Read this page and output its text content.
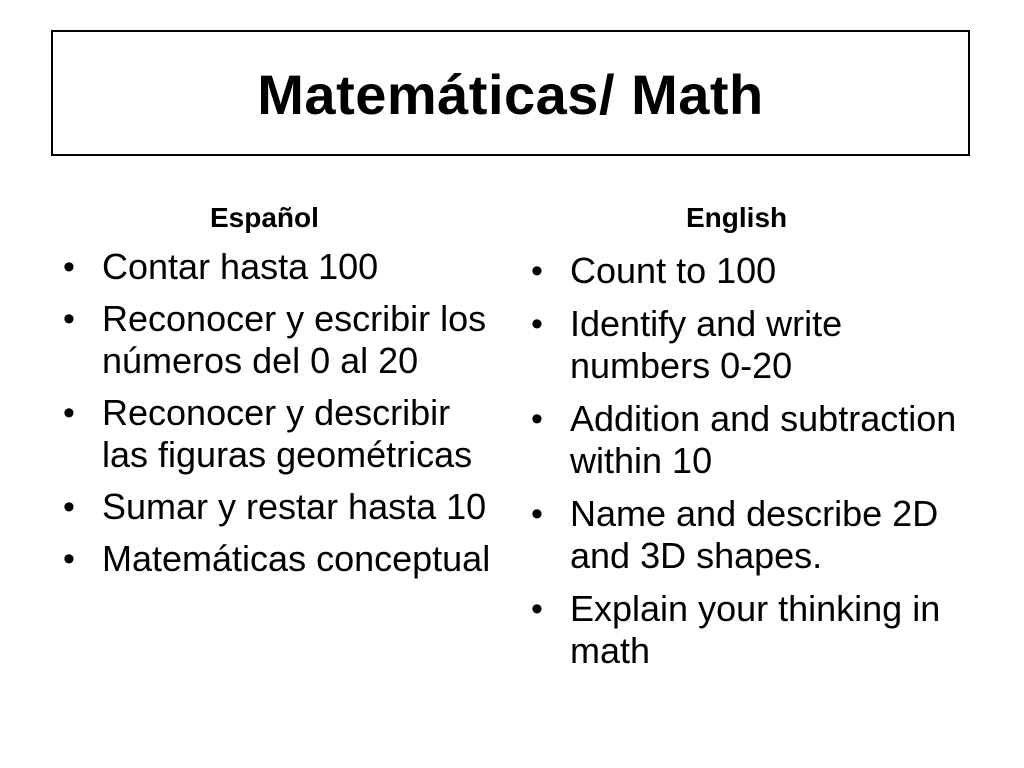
Matemáticas/ Math
Español
• Contar hasta 100
• Reconocer y escribir los números del 0 al 20
• Reconocer y describir las figuras geométricas
• Sumar y restar hasta 10
• Matemáticas conceptual
English
• Count to 100
• Identify and write numbers 0-20
• Addition and subtraction within 10
• Name and describe 2D and 3D shapes.
• Explain your thinking in math
